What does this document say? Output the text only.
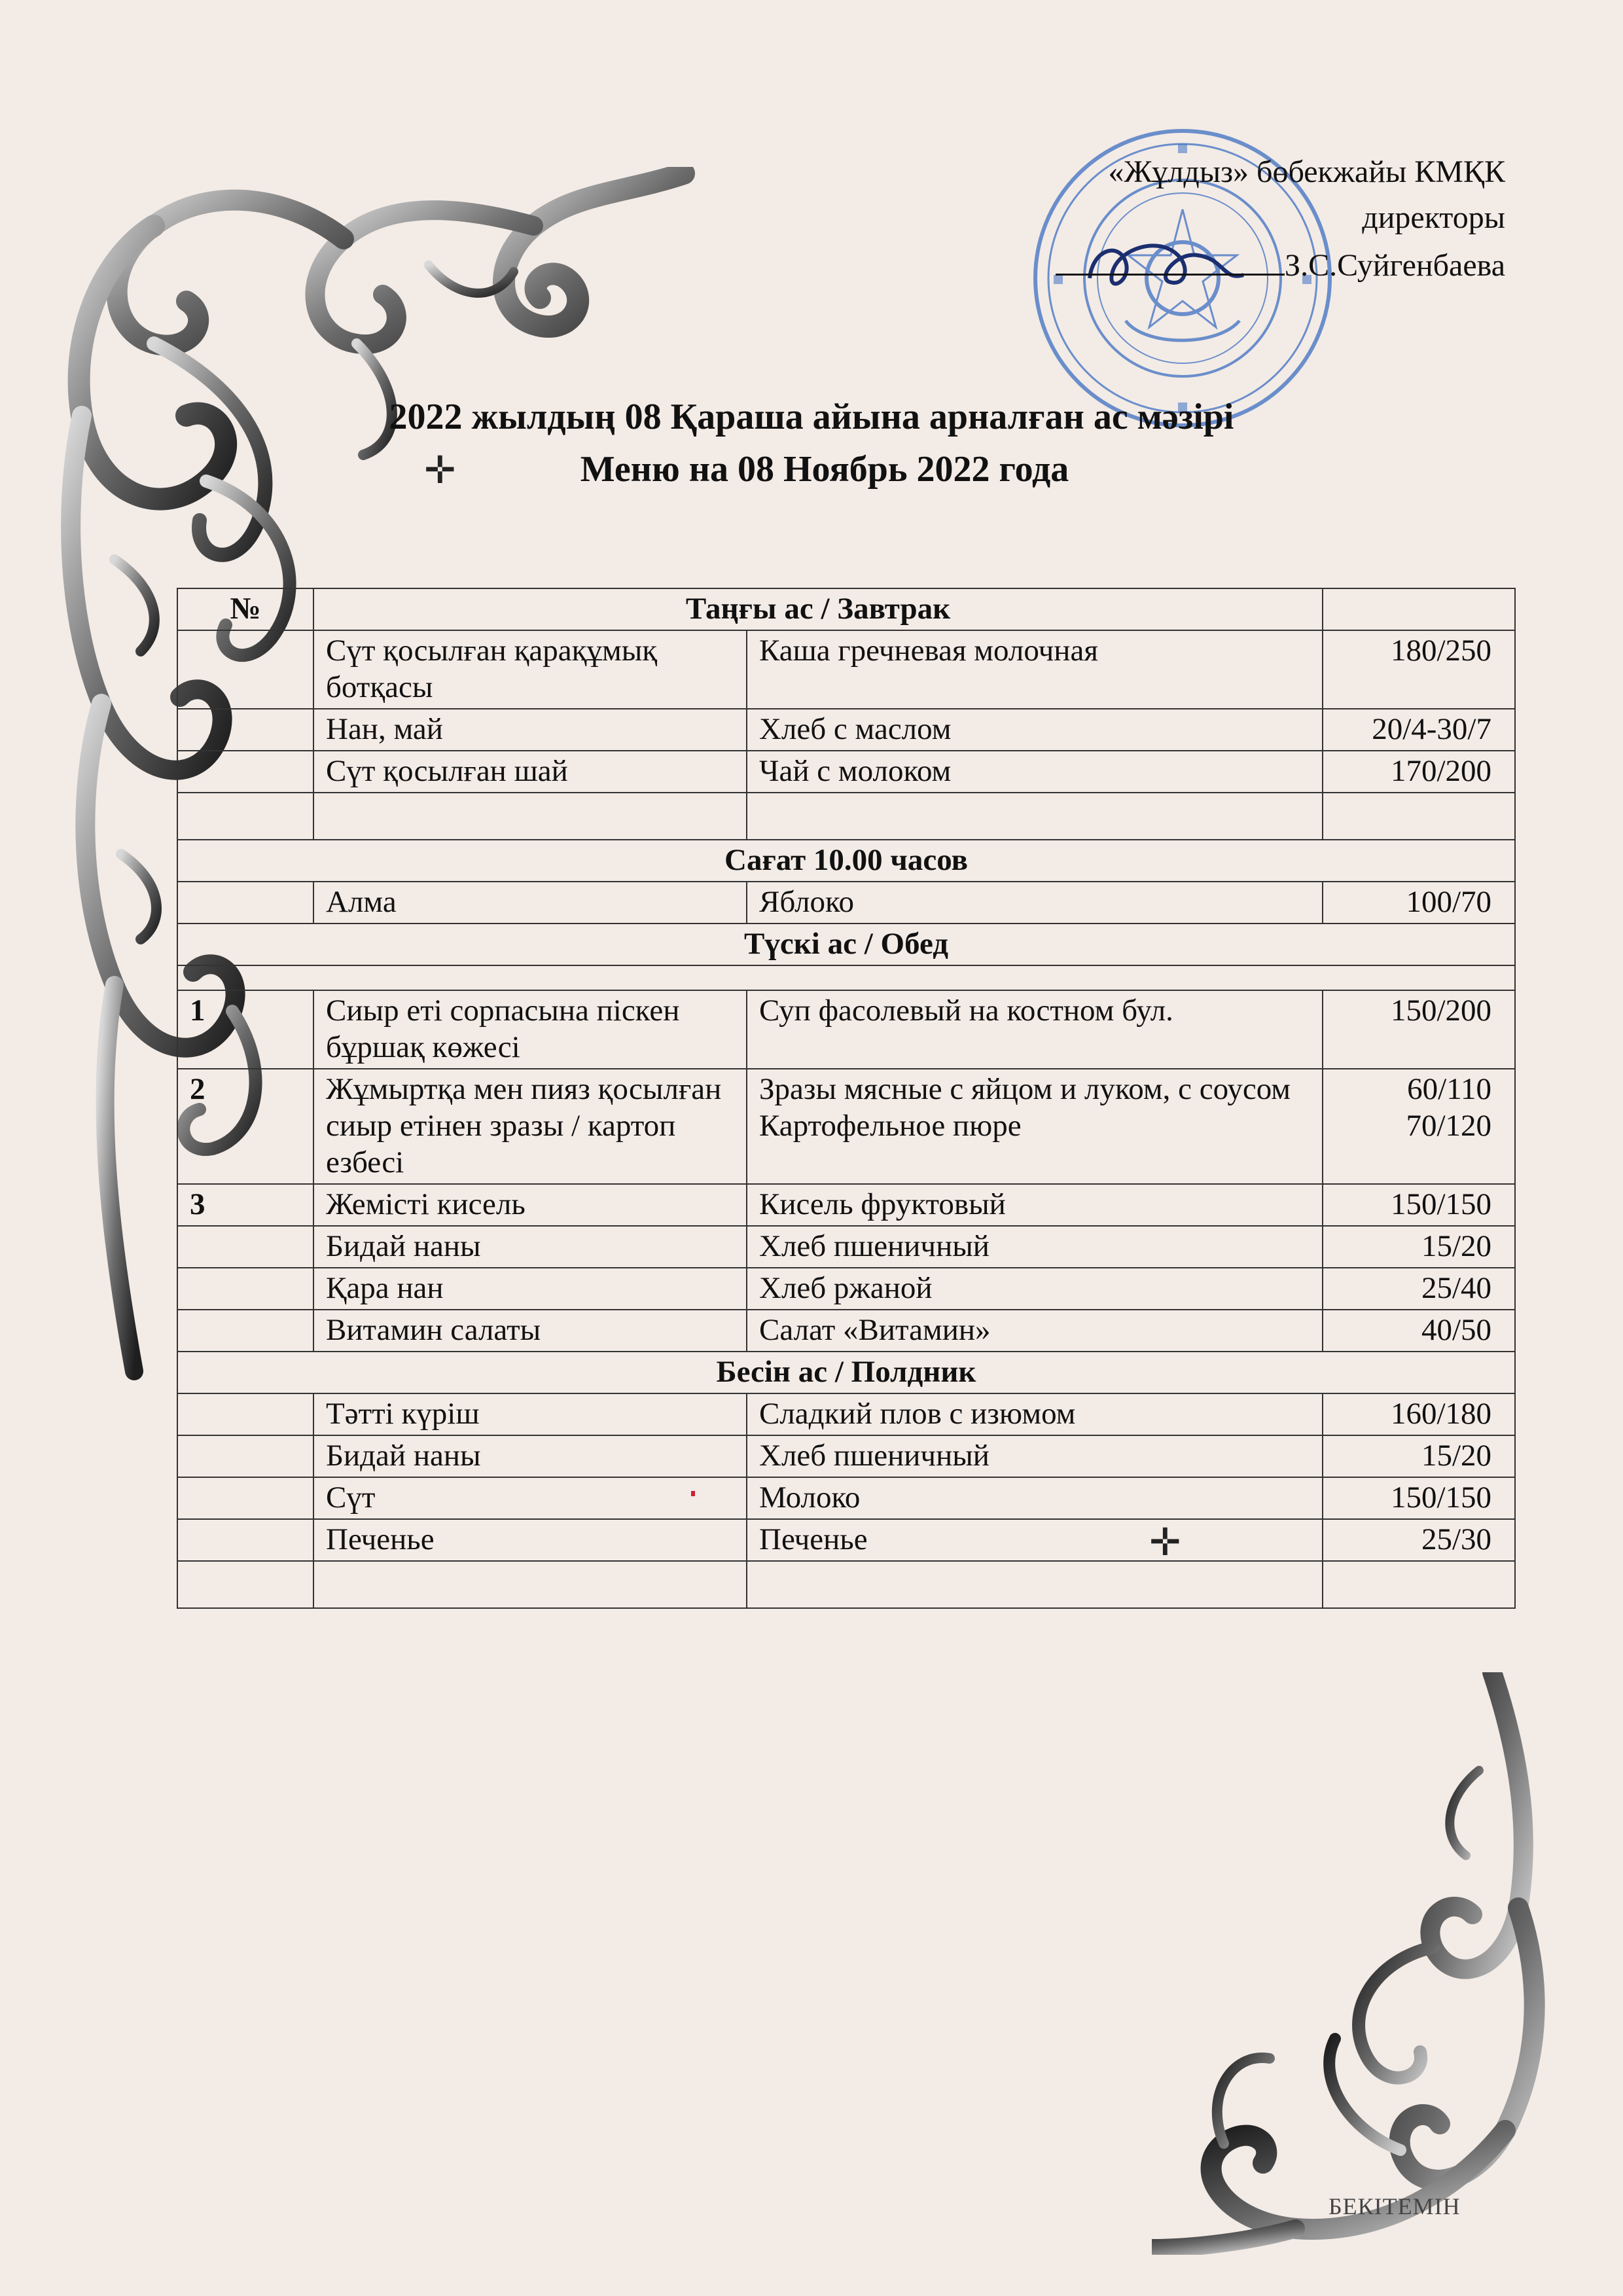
«Жұлдыз» бөбекжайы КМҚК
директоры
З.С.Суйгенбаева
2022 жылдың 08 Қараша айына арналған ас мәзірі
Меню на 08 Ноябрь 2022 года
✛
✛
№	Таңғы ас / Завтрак		
	Сүт қосылған қарақұмық ботқасы	Каша гречневая молочная	180/250
	Нан, май	Хлеб с маслом	20/4-30/7
	Сүт қосылған шай	Чай с молоком	170/200

Сағат 10.00 часов			
	Алма	Яблоко	100/70
Түскі ас / Обед			

1	Сиыр еті сорпасына піскен бұршақ көжесі	Суп фасолевый на костном бул.	150/200
2	Жұмыртқа мен пияз қосылған сиыр етінен зразы / картоп езбесі	Зразы мясные с яйцом и луком, с соусом Картофельное пюре	60/110
70/120
3	Жемісті кисель	Кисель фруктовый	150/150
	Бидай наны	Хлеб пшеничный	15/20
	Қара нан	Хлеб ржаной	25/40
	Витамин салаты	Салат «Витамин»	40/50
Бесін ас / Полдник			
	Тәтті күріш	Сладкий плов с изюмом	160/180
	Бидай наны	Хлеб пшеничный	15/20
	Сүт	Молоко	150/150
	Печенье	Печенье	25/30

БЕКІТЕМІН
